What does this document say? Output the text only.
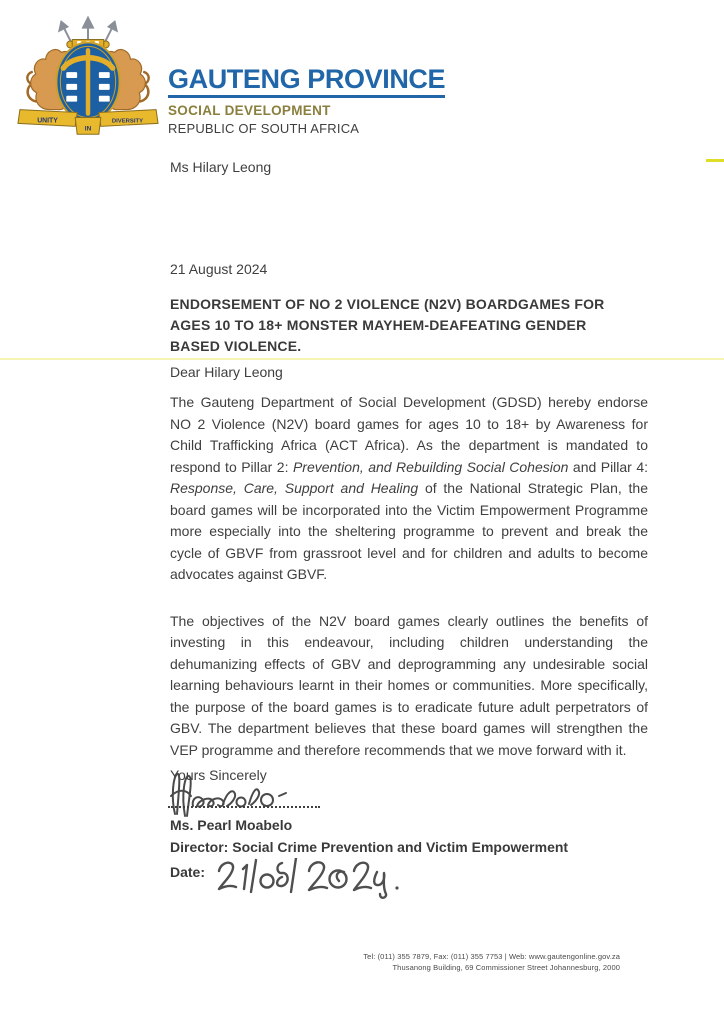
UNITY
IN
DIVERSITY
GAUTENG PROVINCE
SOCIAL DEVELOPMENT
REPUBLIC OF SOUTH AFRICA
Ms Hilary Leong
21 August 2024
ENDORSEMENT OF NO 2 VIOLENCE (N2V) BOARDGAMES FOR
AGES 10 TO 18+ MONSTER MAYHEM-DEAFEATING GENDER
BASED VIOLENCE.
Dear Hilary Leong

The Gauteng Department of Social Development (GDSD) hereby endorse NO 2 Violence (N2V) board games for ages 10 to 18+ by Awareness for Child Trafficking Africa (ACT Africa). As the department is mandated to respond to Pillar 2: Prevention, and Rebuilding Social Cohesion and Pillar 4: Response, Care, Support and Healing of the National Strategic Plan, the board games will be incorporated into the Victim Empowerment Programme more especially into the sheltering programme to prevent and break the cycle of GBVF from grassroot level and for children and adults to become advocates against GBVF.

The objectives of the N2V board games clearly outlines the benefits of investing in this endeavour, including children understanding the dehumanizing effects of GBV and deprogramming any undesirable social learning behaviours learnt in their homes or communities. More specifically, the purpose of the board games is to eradicate future adult perpetrators of GBV. The department believes that these board games will strengthen the VEP programme and therefore recommends that we move forward with it.

Yours Sincerely
Ms. Pearl Moabelo
Director: Social Crime Prevention and Victim Empowerment
Date:
Tel: (011) 355 7879, Fax: (011) 355 7753 | Web: www.gautengonline.gov.za
Thusanong Building, 69 Commissioner Street Johannesburg, 2000
